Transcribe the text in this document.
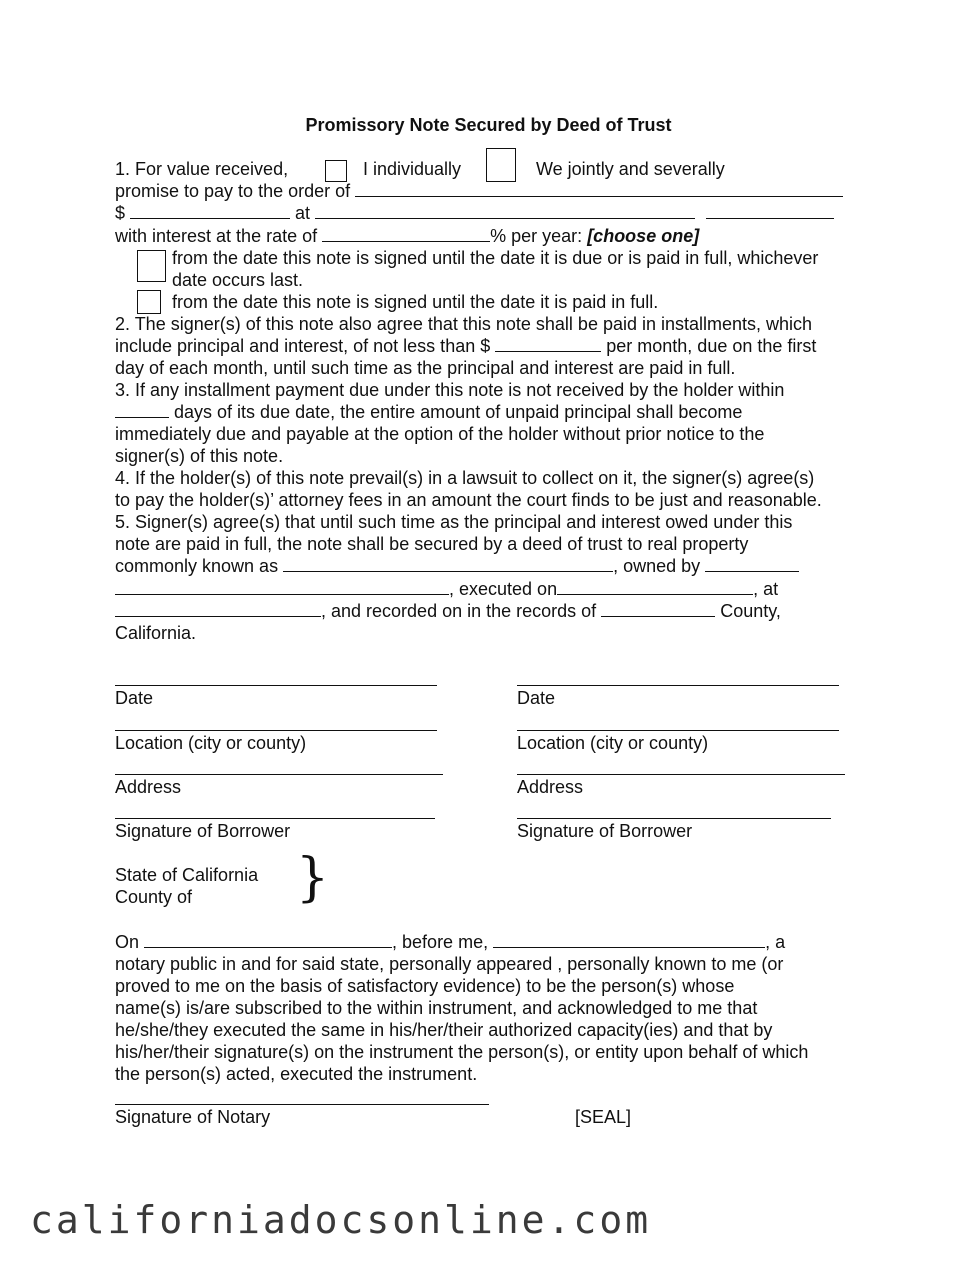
Promissory Note Secured by Deed of Trust
1. For value received,	I individually	We jointly and severally
promise to pay to the order of
$	at
with interest at the rate of	% per year: [choose one]
from the date this note is signed until the date it is due or is paid in full, whichever
date occurs last.
from the date this note is signed until the date it is paid in full.
2. The signer(s) of this note also agree that this note shall be paid in installments, which
include principal and interest, of not less than $	per month, due on the first
day of each month, until such time as the principal and interest are paid in full.
3. If any installment payment due under this note is not received by the holder within
days of its due date, the entire amount of unpaid principal shall become
immediately due and payable at the option of the holder without prior notice to the
signer(s) of this note.
4. If the holder(s) of this note prevail(s) in a lawsuit to collect on it, the signer(s) agree(s)
to pay the holder(s)’ attorney fees in an amount the court finds to be just and reasonable.
5. Signer(s) agree(s) that until such time as the principal and interest owed under this
note are paid in full, the note shall be secured by a deed of trust to real property
commonly known as	, owned by
, executed on	, at
, and recorded on in the records of	County,
California.
Date
Location (city or county)
Address
Signature of Borrower
Date
Location (city or county)
Address
Signature of Borrower
State of California
County of }
On	, before me,	, a
notary public in and for said state, personally appeared , personally known to me (or
proved to me on the basis of satisfactory evidence) to be the person(s) whose
name(s) is/are subscribed to the within instrument, and acknowledged to me that
he/she/they executed the same in his/her/their authorized capacity(ies) and that by
his/her/their signature(s) on the instrument the person(s), or entity upon behalf of which
the person(s) acted, executed the instrument.
Signature of Notary	[SEAL]
californiadocsonline.com
